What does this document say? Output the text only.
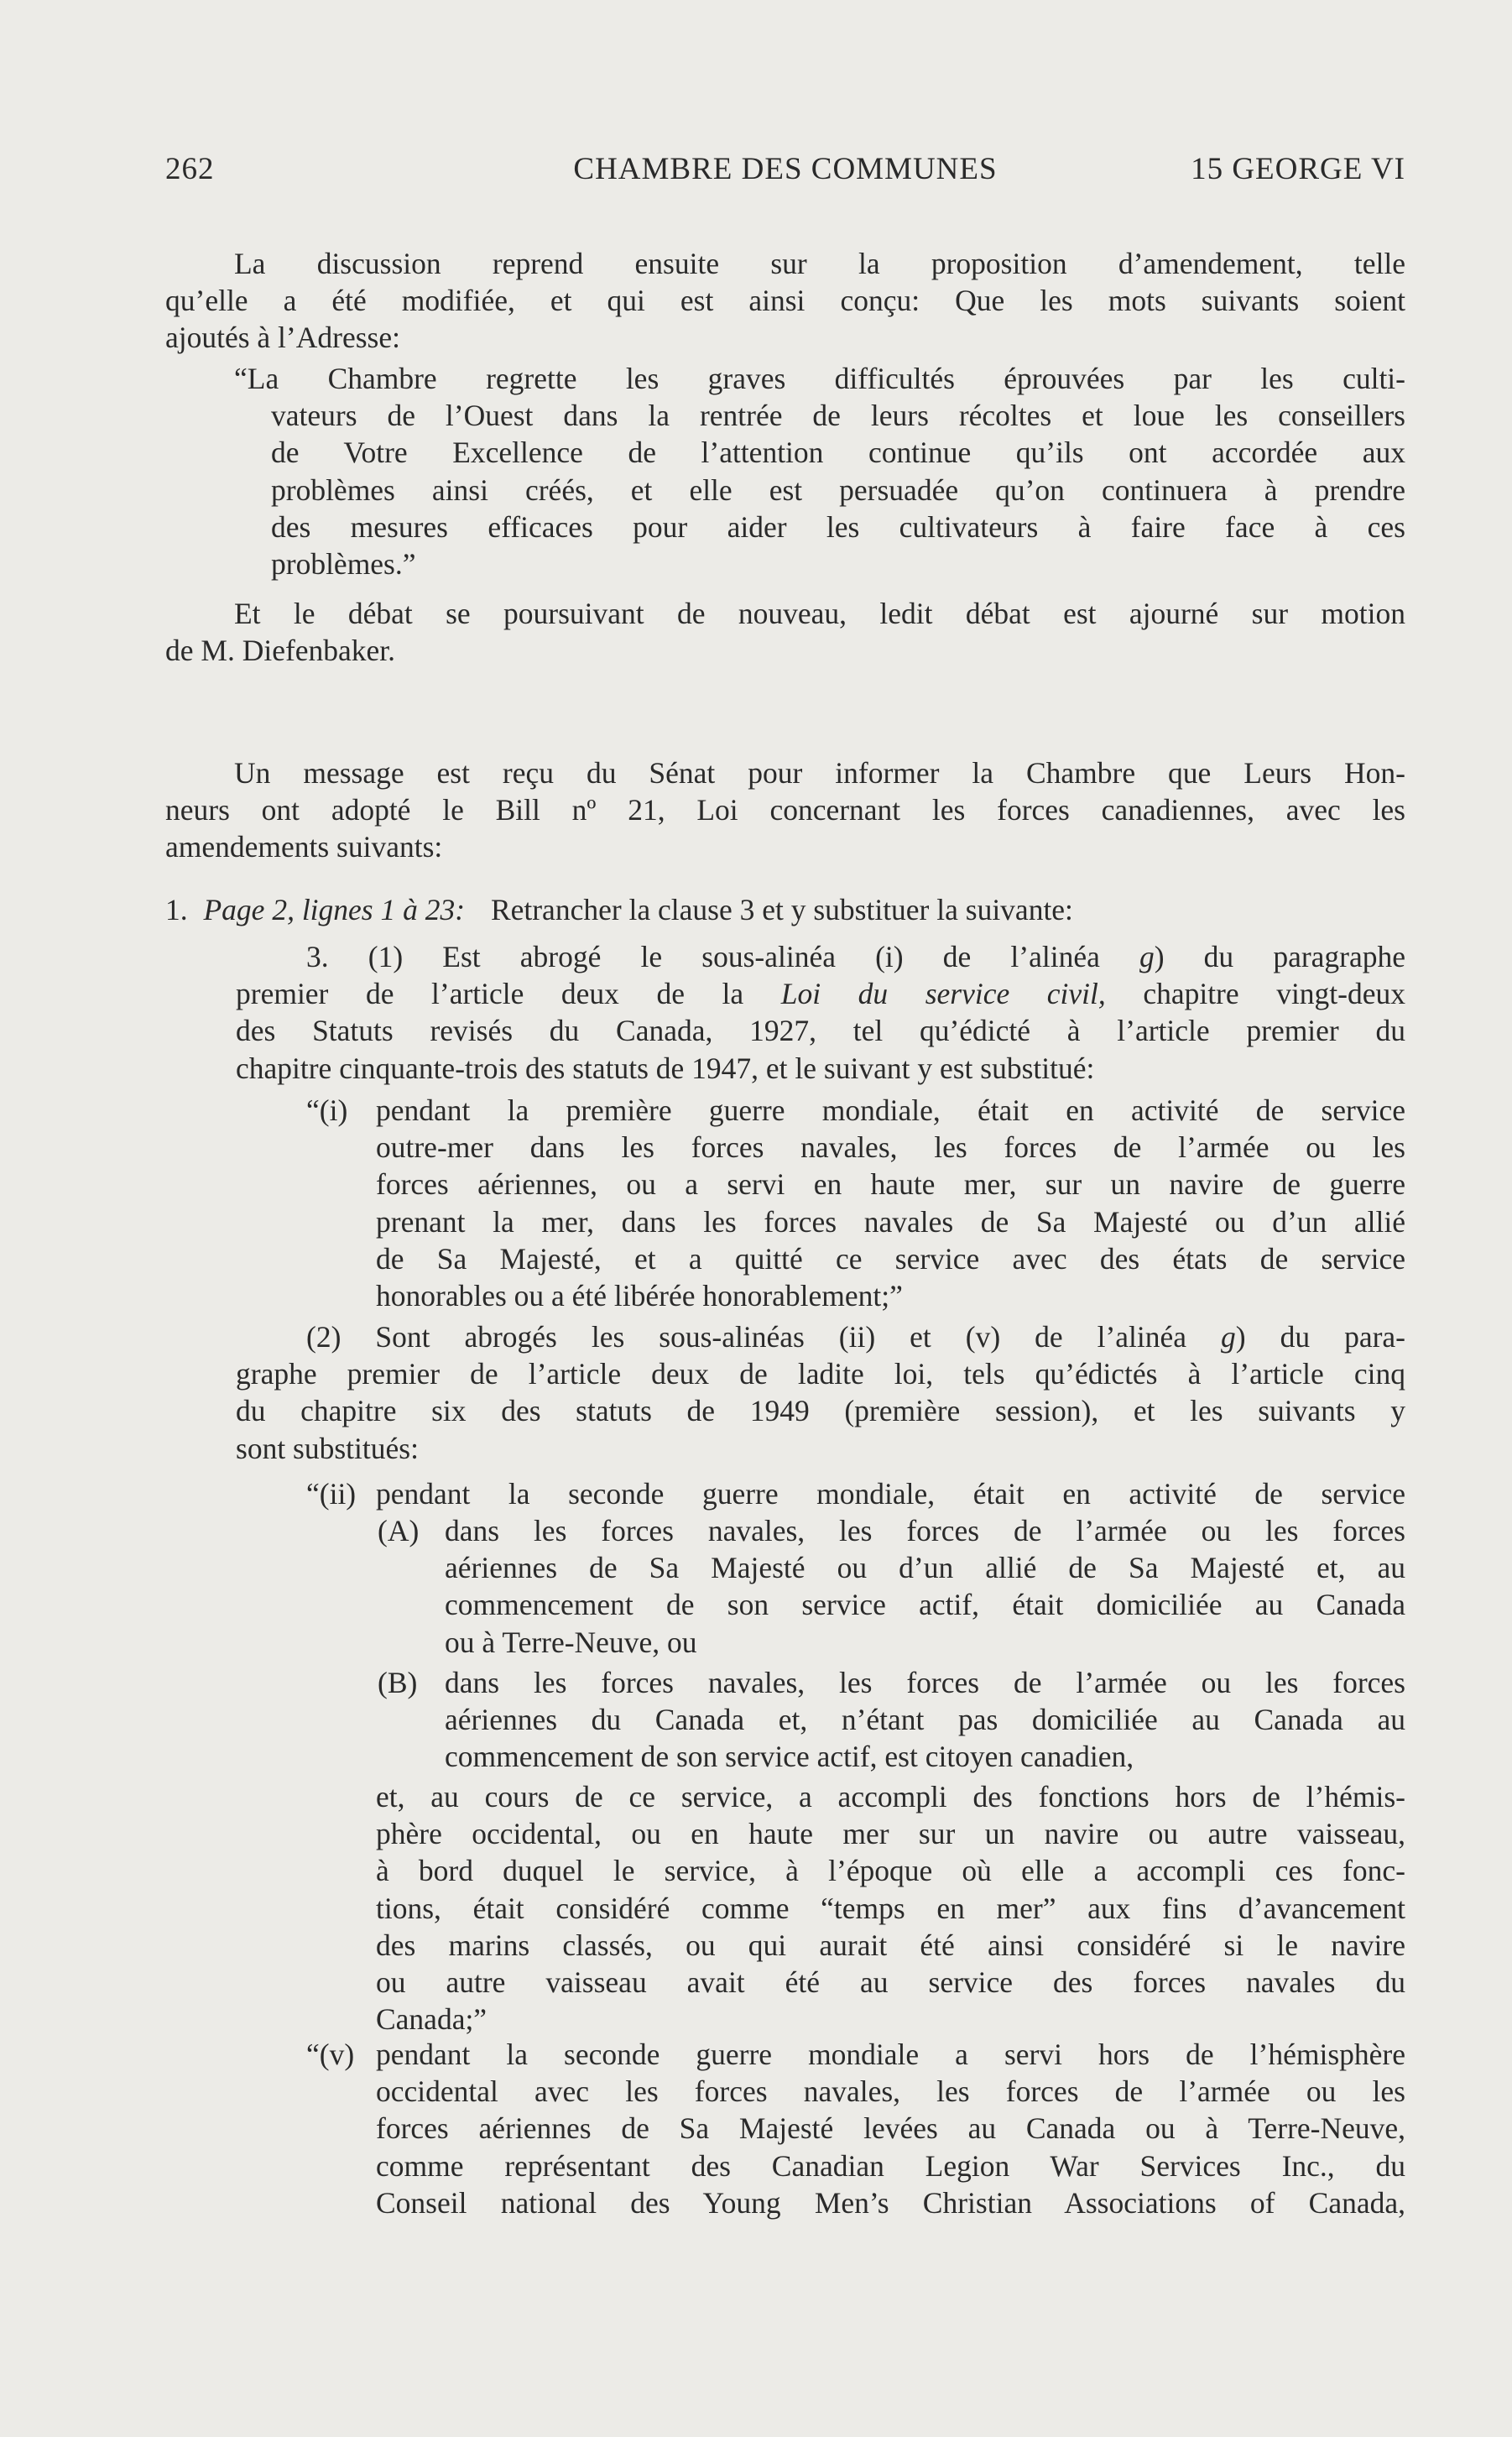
262	CHAMBRE DES COMMUNES	15 GEORGE VI
La discussion reprend ensuite sur la proposition d’amendement, telle
qu’elle a été modifiée, et qui est ainsi conçu: Que les mots suivants soient
ajoutés à l’Adresse:
“La Chambre regrette les graves difficultés éprouvées par les culti-
vateurs de l’Ouest dans la rentrée de leurs récoltes et loue les conseillers
de Votre Excellence de l’attention continue qu’ils ont accordée aux
problèmes ainsi créés, et elle est persuadée qu’on continuera à prendre
des mesures efficaces pour aider les cultivateurs à faire face à ces
problèmes.”
Et le débat se poursuivant de nouveau, ledit débat est ajourné sur motion
de M. Diefenbaker.
Un message est reçu du Sénat pour informer la Chambre que Leurs Hon-
neurs ont adopté le Bill nº 21, Loi concernant les forces canadiennes, avec les
amendements suivants:
1. Page 2, lignes 1 à 23: Retrancher la clause 3 et y substituer la suivante:
3. (1) Est abrogé le sous-alinéa (i) de l’alinéa g) du paragraphe
premier de l’article deux de la Loi du service civil, chapitre vingt-deux
des Statuts revisés du Canada, 1927, tel qu’édicté à l’article premier du
chapitre cinquante-trois des statuts de 1947, et le suivant y est substitué:
“(i) pendant la première guerre mondiale, était en activité de service
outre-mer dans les forces navales, les forces de l’armée ou les
forces aériennes, ou a servi en haute mer, sur un navire de guerre
prenant la mer, dans les forces navales de Sa Majesté ou d’un allié
de Sa Majesté, et a quitté ce service avec des états de service
honorables ou a été libérée honorablement;”
(2) Sont abrogés les sous-alinéas (ii) et (v) de l’alinéa g) du para-
graphe premier de l’article deux de ladite loi, tels qu’édictés à l’article cinq
du chapitre six des statuts de 1949 (première session), et les suivants y
sont substitués:
“(ii) pendant la seconde guerre mondiale, était en activité de service
(A) dans les forces navales, les forces de l’armée ou les forces
aériennes de Sa Majesté ou d’un allié de Sa Majesté et, au
commencement de son service actif, était domiciliée au Canada
ou à Terre-Neuve, ou
(B) dans les forces navales, les forces de l’armée ou les forces
aériennes du Canada et, n’étant pas domiciliée au Canada au
commencement de son service actif, est citoyen canadien,
et, au cours de ce service, a accompli des fonctions hors de l’hémis-
phère occidental, ou en haute mer sur un navire ou autre vaisseau,
à bord duquel le service, à l’époque où elle a accompli ces fonc-
tions, était considéré comme “temps en mer” aux fins d’avancement
des marins classés, ou qui aurait été ainsi considéré si le navire
ou autre vaisseau avait été au service des forces navales du
Canada;”
“(v) pendant la seconde guerre mondiale a servi hors de l’hémisphère
occidental avec les forces navales, les forces de l’armée ou les
forces aériennes de Sa Majesté levées au Canada ou à Terre-Neuve,
comme représentant des Canadian Legion War Services Inc., du
Conseil national des Young Men’s Christian Associations of Canada,
